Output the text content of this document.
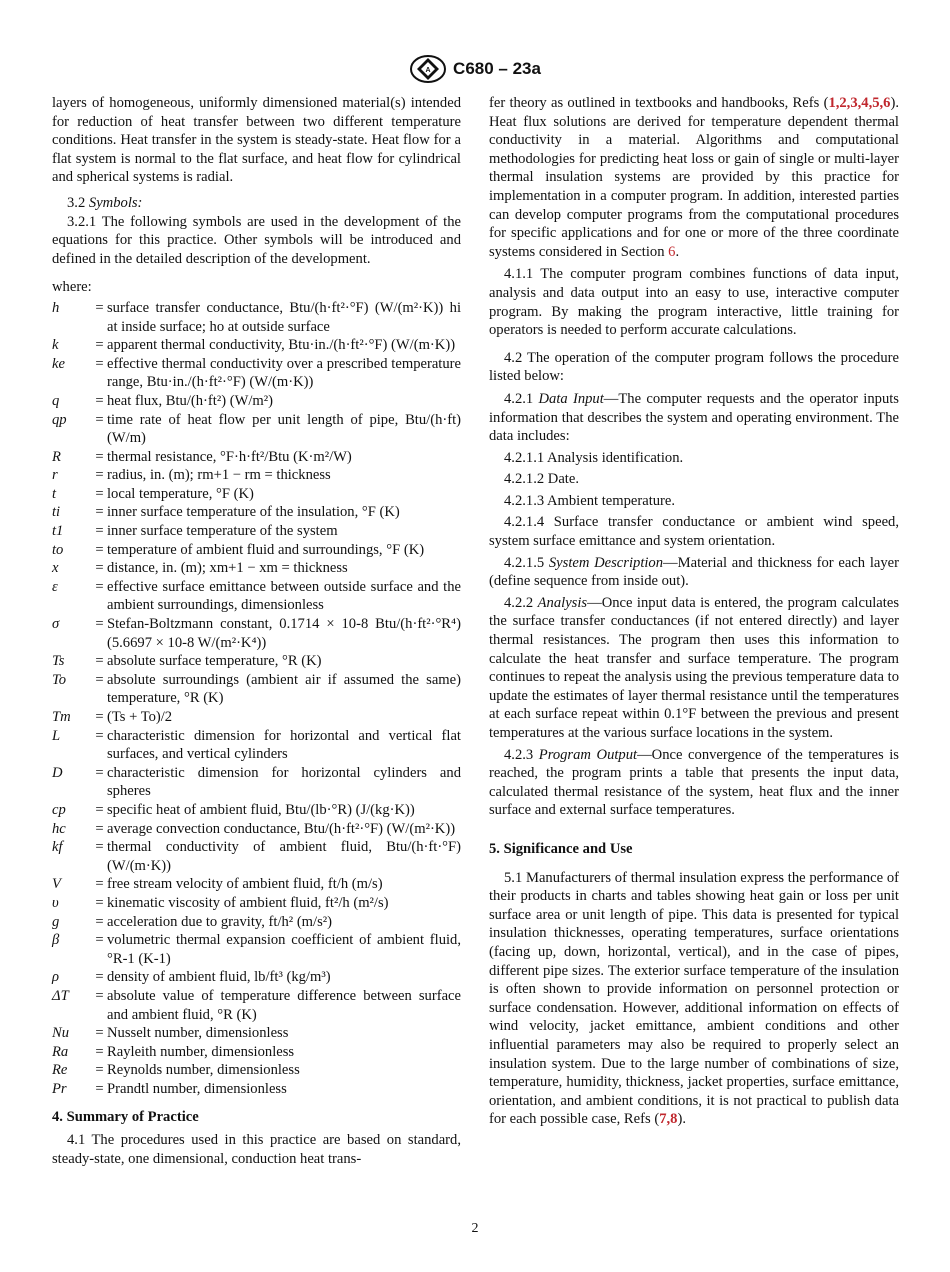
A C680 – 23a

layers of homogeneous, uniformly dimensioned material(s) intended for reduction of heat transfer between two different temperature conditions. Heat transfer in the system is steady-state. Heat flow for a flat system is normal to the flat surface, and heat flow for cylindrical and spherical systems is radial.

3.2 Symbols:

3.2.1 The following symbols are used in the development of the equations for this practice. Other symbols will be introduced and defined in the detailed description of the development.

where:

h	= surface transfer conductance, Btu/(h·ft²·°F) (W/(m²·K)) hi at inside surface; ho at outside surface
k	= apparent thermal conductivity, Btu·in./(h·ft²·°F) (W/(m·K))
ke	= effective thermal conductivity over a prescribed temperature range, Btu·in./(h·ft²·°F) (W/(m·K))
q	= heat flux, Btu/(h·ft²) (W/m²)
qp	= time rate of heat flow per unit length of pipe, Btu/(h·ft) (W/m)
R	= thermal resistance, °F·h·ft²/Btu (K·m²/W)
r	= radius, in. (m); rm+1 − rm = thickness
t	= local temperature, °F (K)
ti	= inner surface temperature of the insulation, °F (K)
t1	= inner surface temperature of the system
to	= temperature of ambient fluid and surroundings, °F (K)
x	= distance, in. (m); xm+1 − xm = thickness
ε	= effective surface emittance between outside surface and the ambient surroundings, dimensionless
σ	= Stefan-Boltzmann constant, 0.1714 × 10-8 Btu/(h·ft²·°R⁴) (5.6697 × 10-8 W/(m²·K⁴))
Ts	= absolute surface temperature, °R (K)
To	= absolute surroundings (ambient air if assumed the same) temperature, °R (K)
Tm	= (Ts + To)/2
L	= characteristic dimension for horizontal and vertical flat surfaces, and vertical cylinders
D	= characteristic dimension for horizontal cylinders and spheres
cp	= specific heat of ambient fluid, Btu/(lb·°R) (J/(kg·K))
hc	= average convection conductance, Btu/(h·ft²·°F) (W/(m²·K))
kf	= thermal conductivity of ambient fluid, Btu/(h·ft·°F) (W/(m·K))
V	= free stream velocity of ambient fluid, ft/h (m/s)
υ	= kinematic viscosity of ambient fluid, ft²/h (m²/s)
g	= acceleration due to gravity, ft/h² (m/s²)
β	= volumetric thermal expansion coefficient of ambient fluid, °R-1 (K-1)
ρ	= density of ambient fluid, lb/ft³ (kg/m³)
ΔT	= absolute value of temperature difference between surface and ambient fluid, °R (K)
Nu	= Nusselt number, dimensionless
Ra	= Rayleith number, dimensionless
Re	= Reynolds number, dimensionless
Pr	= Prandtl number, dimensionless

4. Summary of Practice

4.1 The procedures used in this practice are based on standard, steady-state, one dimensional, conduction heat trans-

fer theory as outlined in textbooks and handbooks, Refs (1,2,3,4,5,6). Heat flux solutions are derived for temperature dependent thermal conductivity in a material. Algorithms and computational methodologies for predicting heat loss or gain of single or multi-layer thermal insulation systems are provided by this practice for implementation in a computer program. In addition, interested parties can develop computer programs from the computational procedures for specific applications and for one or more of the three coordinate systems considered in Section 6.

4.1.1 The computer program combines functions of data input, analysis and data output into an easy to use, interactive computer program. By making the program interactive, little training for operators is needed to perform accurate calculations.

4.2 The operation of the computer program follows the procedure listed below:

4.2.1 Data Input—The computer requests and the operator inputs information that describes the system and operating environment. The data includes:

4.2.1.1 Analysis identification.

4.2.1.2 Date.

4.2.1.3 Ambient temperature.

4.2.1.4 Surface transfer conductance or ambient wind speed, system surface emittance and system orientation.

4.2.1.5 System Description—Material and thickness for each layer (define sequence from inside out).

4.2.2 Analysis—Once input data is entered, the program calculates the surface transfer conductances (if not entered directly) and layer thermal resistances. The program then uses this information to calculate the heat transfer and surface temperature. The program continues to repeat the analysis using the previous temperature data to update the estimates of layer thermal resistance until the temperatures at each surface repeat within 0.1°F between the previous and present temperatures at the various surface locations in the system.

4.2.3 Program Output—Once convergence of the temperatures is reached, the program prints a table that presents the input data, calculated thermal resistance of the system, heat flux and the inner surface and external surface temperatures.

5. Significance and Use

5.1 Manufacturers of thermal insulation express the performance of their products in charts and tables showing heat gain or loss per unit surface area or unit length of pipe. This data is presented for typical insulation thicknesses, operating temperatures, surface orientations (facing up, down, horizontal, vertical), and in the case of pipes, different pipe sizes. The exterior surface temperature of the insulation is often shown to provide information on personnel protection or surface condensation. However, additional information on effects of wind velocity, jacket emittance, ambient conditions and other influential parameters may also be required to properly select an insulation system. Due to the large number of combinations of size, temperature, humidity, thickness, jacket properties, surface emittance, orientation, and ambient conditions, it is not practical to publish data for each possible case, Refs (7,8).

2
